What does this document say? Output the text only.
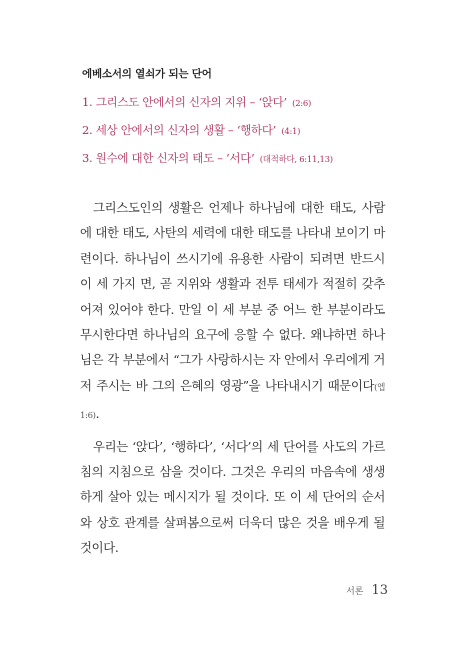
에베소서의 열쇠가 되는 단어
1. 그리스도 안에서의 신자의 지위 – ‘앉다’ (2:6)
2. 세상 안에서의 신자의 생활 – ‘행하다’ (4:1)
3. 원수에 대한 신자의 태도 – ‘서다’ (대적하다, 6:11,13)

그리스도인의 생활은 언제나 하나님에 대한 태도, 사람에 대한 태도, 사탄의 세력에 대한 태도를 나타내 보이기 마련이다. 하나님이 쓰시기에 유용한 사람이 되려면 반드시 이 세 가지 면, 곧 지위와 생활과 전투 태세가 적절히 갖추어져 있어야 한다. 만일 이 세 부분 중 어느 한 부분이라도 무시한다면 하나님의 요구에 응할 수 없다. 왜냐하면 하나님은 각 부분에서 “그가 사랑하시는 자 안에서 우리에게 거저 주시는 바 그의 은혜의 영광”을 나타내시기 때문이다(엡 1:6).

우리는 ‘앉다’, ‘행하다’, ‘서다’의 세 단어를 사도의 가르침의 지침으로 삼을 것이다. 그것은 우리의 마음속에 생생하게 살아 있는 메시지가 될 것이다. 또 이 세 단어의 순서와 상호 관계를 살펴봄으로써 더욱더 많은 것을 배우게 될 것이다.

서론 13
